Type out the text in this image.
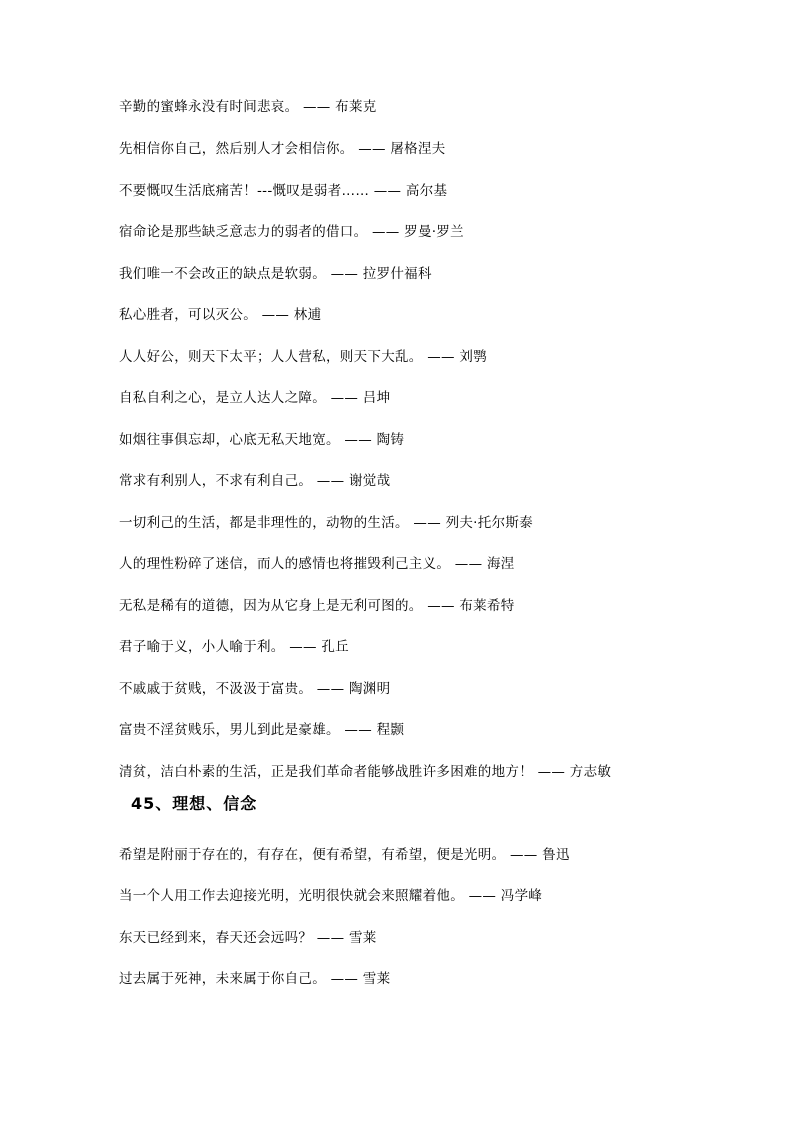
辛勤的蜜蜂永没有时间悲哀。 —— 布莱克
先相信你自己，然后别人才会相信你。 —— 屠格涅夫
不要慨叹生活底痛苦！---慨叹是弱者…… —— 高尔基
宿命论是那些缺乏意志力的弱者的借口。 —— 罗曼·罗兰
我们唯一不会改正的缺点是软弱。 —— 拉罗什福科
私心胜者，可以灭公。 —— 林逋
人人好公，则天下太平；人人营私，则天下大乱。 —— 刘鹗
自私自利之心，是立人达人之障。 —— 吕坤
如烟往事俱忘却，心底无私天地宽。 —— 陶铸
常求有利别人，不求有利自己。 —— 谢觉哉
一切利己的生活，都是非理性的，动物的生活。 —— 列夫·托尔斯泰
人的理性粉碎了迷信，而人的感情也将摧毁利己主义。 —— 海涅
无私是稀有的道德，因为从它身上是无利可图的。 —— 布莱希特
君子喻于义，小人喻于利。 —— 孔丘
不戚戚于贫贱，不汲汲于富贵。 —— 陶渊明
富贵不淫贫贱乐，男儿到此是豪雄。 —— 程颢
清贫，洁白朴素的生活，正是我们革命者能够战胜许多困难的地方！ —— 方志敏
45、理想、信念
希望是附丽于存在的，有存在，便有希望，有希望，便是光明。 —— 鲁迅
当一个人用工作去迎接光明，光明很快就会来照耀着他。 —— 冯学峰
东天已经到来，春天还会远吗？ —— 雪莱
过去属于死神，未来属于你自己。 —— 雪莱
